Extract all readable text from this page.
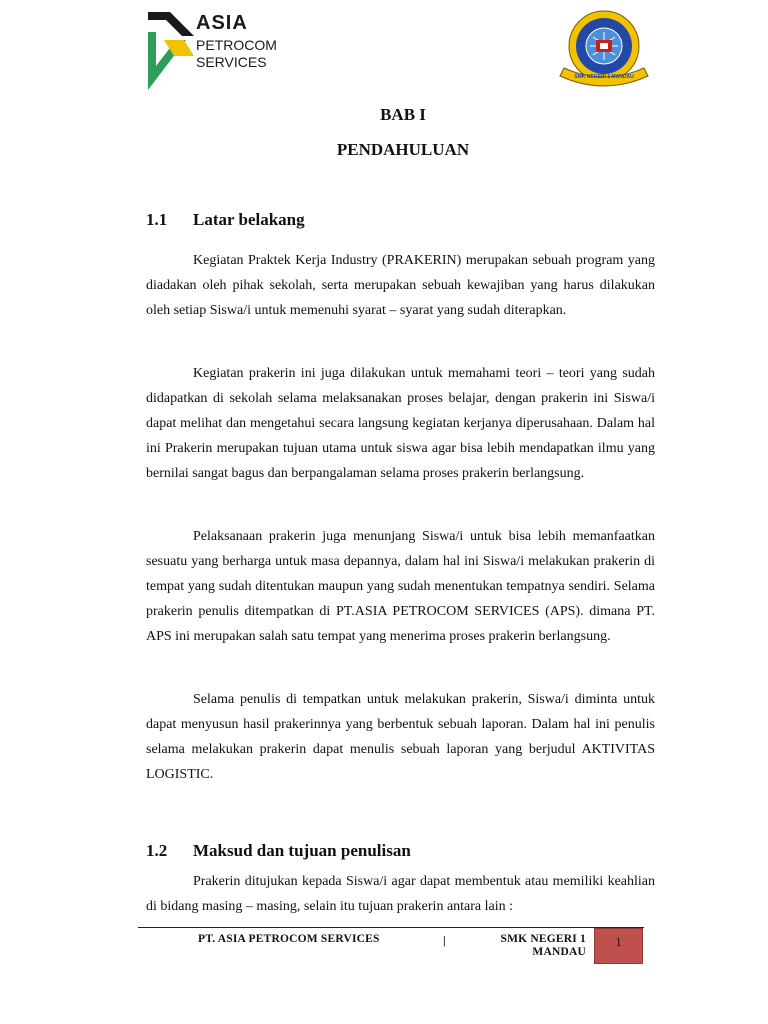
ASIA
PETROCOM
SERVICES
SMK NEGERI 1 MANDAU
BAB I
PENDAHULUAN
1.1 Latar belakang

Kegiatan Praktek Kerja Industry (PRAKERIN) merupakan sebuah program yang diadakan oleh pihak sekolah, serta merupakan sebuah kewajiban yang harus dilakukan oleh setiap Siswa/i untuk memenuhi syarat – syarat yang sudah diterapkan.

Kegiatan prakerin ini juga dilakukan untuk memahami teori – teori yang sudah didapatkan di sekolah selama melaksanakan proses belajar, dengan prakerin ini Siswa/i dapat melihat dan mengetahui secara langsung kegiatan kerjanya diperusahaan. Dalam hal ini Prakerin merupakan tujuan utama untuk siswa agar bisa lebih mendapatkan ilmu yang bernilai sangat bagus dan berpangalaman selama proses prakerin berlangsung.

Pelaksanaan prakerin juga menunjang Siswa/i untuk bisa lebih memanfaatkan sesuatu yang berharga untuk masa depannya, dalam hal ini Siswa/i melakukan prakerin di tempat yang sudah ditentukan maupun yang sudah menentukan tempatnya sendiri. Selama prakerin penulis ditempatkan di PT.ASIA PETROCOM SERVICES (APS). dimana PT. APS ini merupakan salah satu tempat yang menerima proses prakerin berlangsung.

Selama penulis di tempatkan untuk melakukan prakerin, Siswa/i diminta untuk dapat menyusun hasil prakerinnya yang berbentuk sebuah laporan. Dalam hal ini penulis selama melakukan prakerin dapat menulis sebuah laporan yang berjudul AKTIVITAS LOGISTIC.

1.2 Maksud dan tujuan penulisan

Prakerin ditujukan kepada Siswa/i agar dapat membentuk atau memiliki keahlian di bidang masing – masing, selain itu tujuan prakerin antara lain :

PT. ASIA PETROCOM SERVICES	|	SMK NEGERI 1
MANDAU
1
